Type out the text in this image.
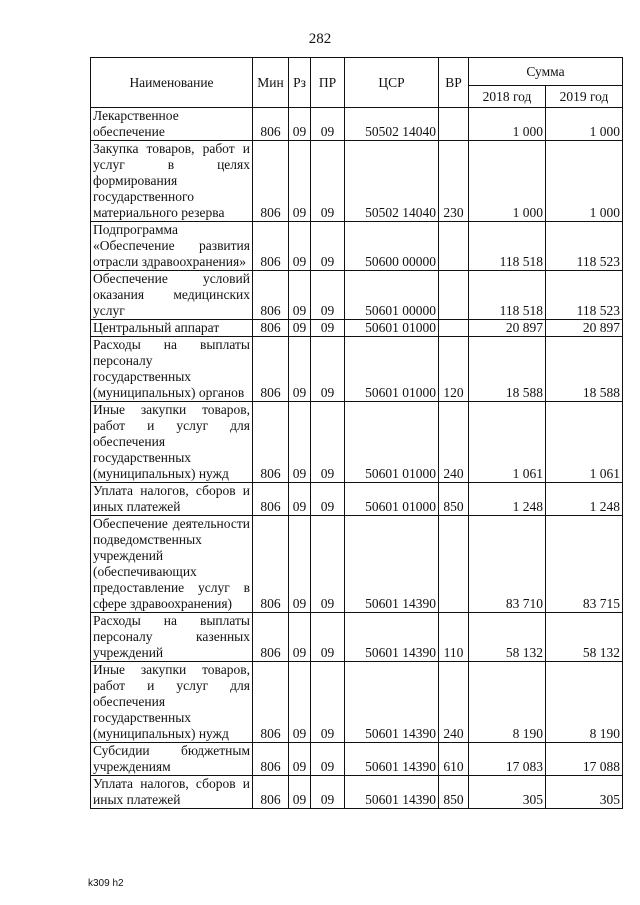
282
Наименование	Мин	Рз	ПР	ЦСР	ВР	Сумма	
						2018 год	2019 год
Лекарственное обеспечение	806	09	09	50502 14040		1 000	1 000
Закупка товаров, работ и услуг в целях формирования государственного материального резерва	806	09	09	50502 14040	230	1 000	1 000
Подпрограмма «Обеспечение развития отрасли здравоохранения»	806	09	09	50600 00000		118 518	118 523
Обеспечение условий оказания медицинских услуг	806	09	09	50601 00000		118 518	118 523
Центральный аппарат	806	09	09	50601 01000		20 897	20 897
Расходы на выплаты персоналу государственных (муниципальных) органов	806	09	09	50601 01000	120	18 588	18 588
Иные закупки товаров, работ и услуг для обеспечения государственных (муниципальных) нужд	806	09	09	50601 01000	240	1 061	1 061
Уплата налогов, сборов и иных платежей	806	09	09	50601 01000	850	1 248	1 248
Обеспечение деятельности подведомственных учреждений (обеспечивающих предоставление услуг в сфере здравоохранения)	806	09	09	50601 14390		83 710	83 715
Расходы на выплаты персоналу казенных учреждений	806	09	09	50601 14390	110	58 132	58 132
Иные закупки товаров, работ и услуг для обеспечения государственных (муниципальных) нужд	806	09	09	50601 14390	240	8 190	8 190
Субсидии бюджетным учреждениям	806	09	09	50601 14390	610	17 083	17 088
Уплата налогов, сборов и иных платежей	806	09	09	50601 14390	850	305	305
k309 h2
